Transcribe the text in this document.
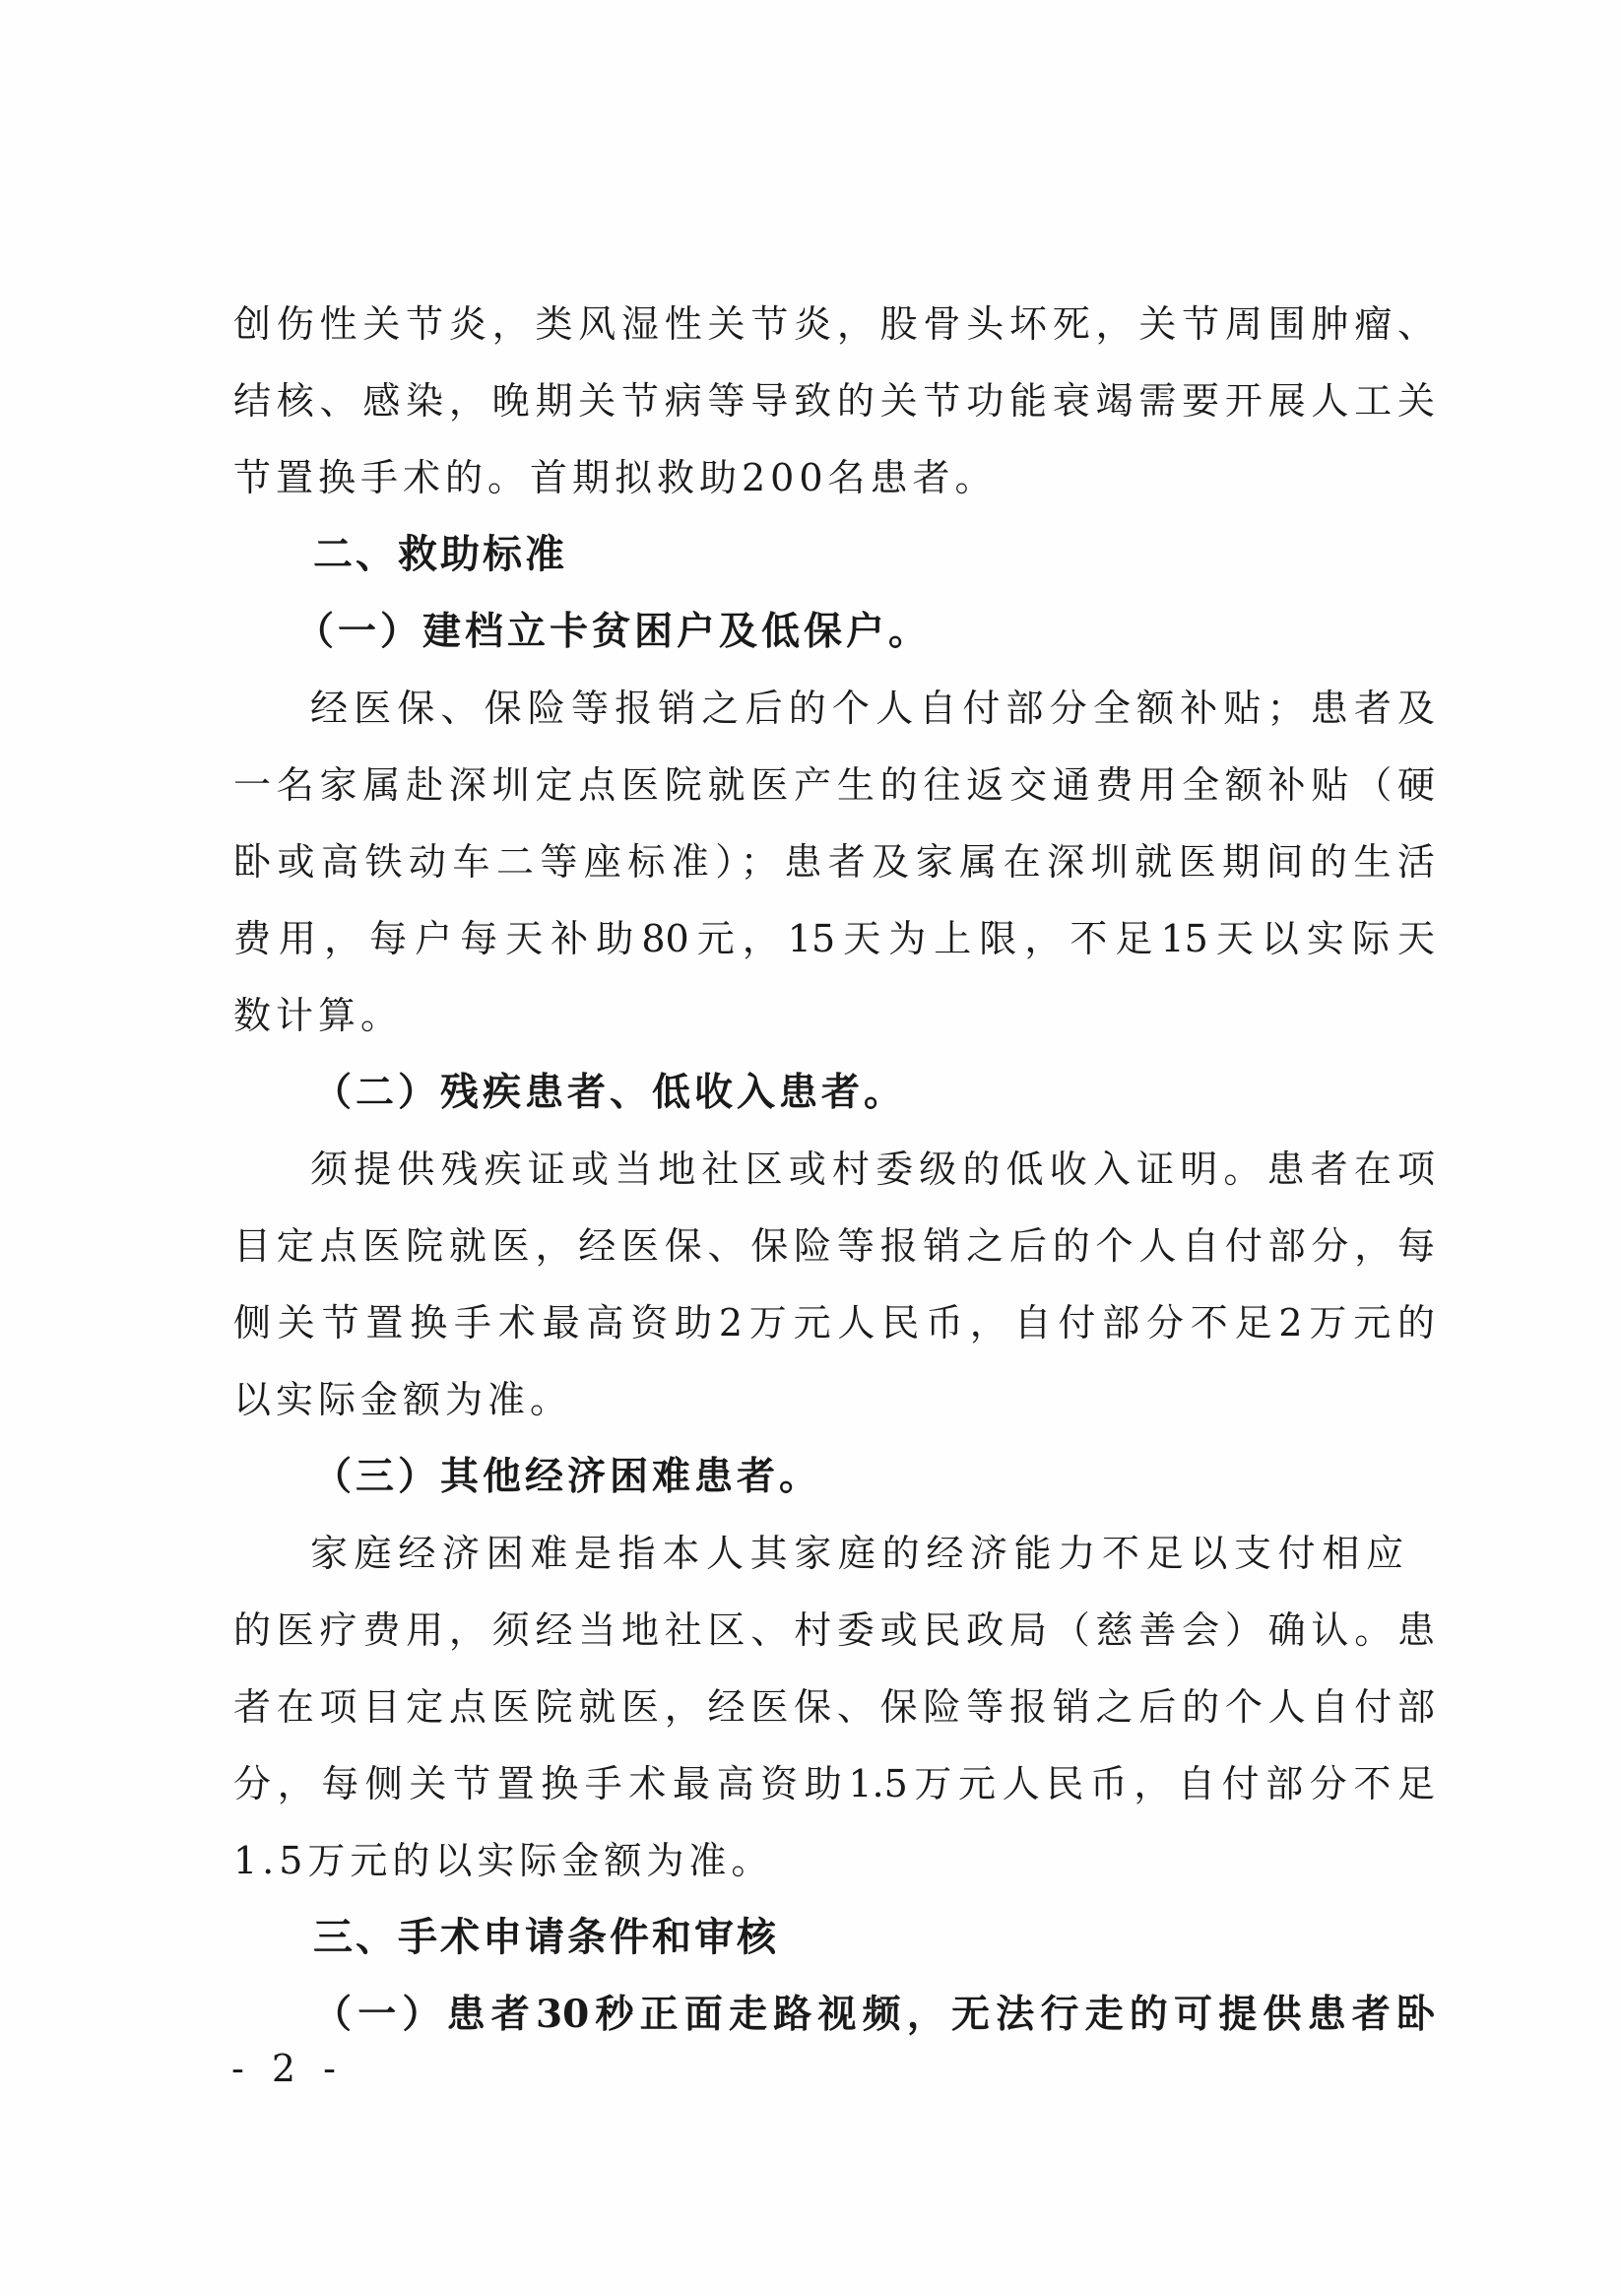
创伤性关节炎，类风湿性关节炎，股骨头坏死，关节周围肿瘤、
结核、感染，晚期关节病等导致的关节功能衰竭需要开展人工关
节置换手术的。首期拟救助200名患者。
二、救助标准
（一）建档立卡贫困户及低保户。
经医保、保险等报销之后的个人自付部分全额补贴；患者及
一名家属赴深圳定点医院就医产生的往返交通费用全额补贴（硬
卧或高铁动车二等座标准）；患者及家属在深圳就医期间的生活
费用，每户每天补助80元，15天为上限，不足15天以实际天
数计算。
（二）残疾患者、低收入患者。
须提供残疾证或当地社区或村委级的低收入证明。患者在项
目定点医院就医，经医保、保险等报销之后的个人自付部分，每
侧关节置换手术最高资助2万元人民币，自付部分不足2万元的
以实际金额为准。
（三）其他经济困难患者。
家庭经济困难是指本人其家庭的经济能力不足以支付相应
的医疗费用，须经当地社区、村委或民政局（慈善会）确认。患
者在项目定点医院就医，经医保、保险等报销之后的个人自付部
分，每侧关节置换手术最高资助1.5万元人民币，自付部分不足
1.5万元的以实际金额为准。
三、手术申请条件和审核
（一）患者30秒正面走路视频，无法行走的可提供患者卧
- 2 -
